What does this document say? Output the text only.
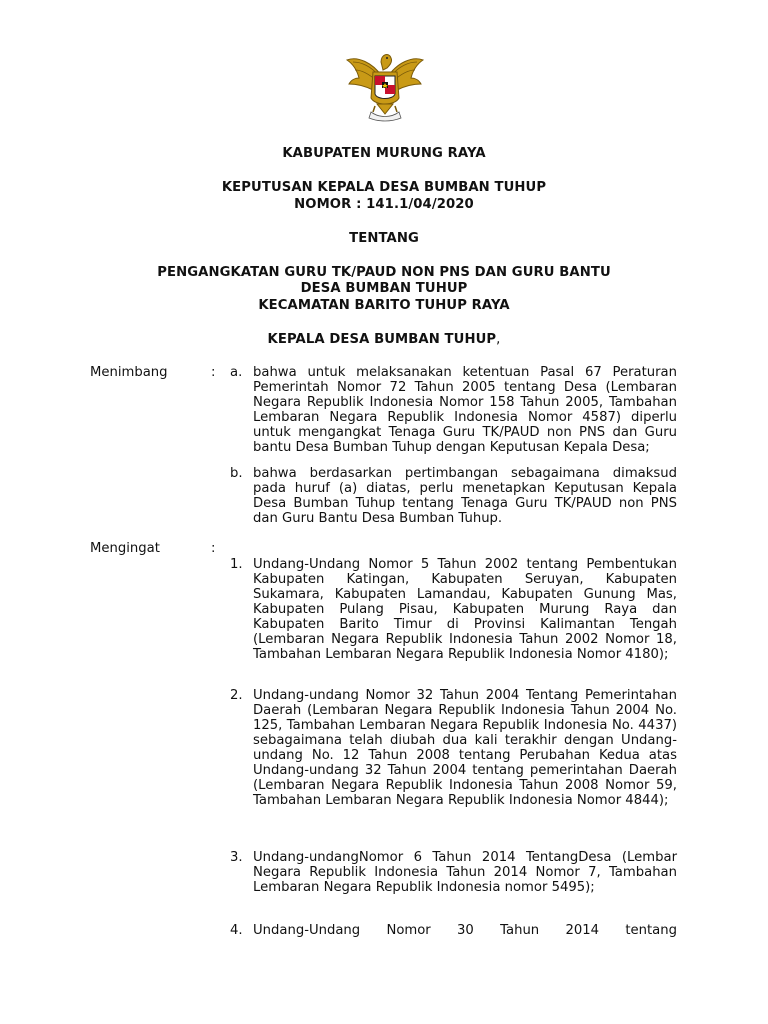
KABUPATEN MURUNG RAYA
KEPUTUSAN KEPALA DESA BUMBAN TUHUP
NOMOR : 141.1/04/2020
TENTANG
PENGANGKATAN GURU TK/PAUD NON PNS DAN GURU BANTU
DESA BUMBAN TUHUP
KECAMATAN BARITO TUHUP RAYA
KEPALA DESA BUMBAN TUHUP,
Menimbang	: a. bahwa untuk melaksanakan ketentuan Pasal 67 Peraturan Pemerintah Nomor 72 Tahun 2005 tentang Desa (Lembaran Negara Republik Indonesia Nomor 158 Tahun 2005, Tambahan Lembaran Negara Republik Indonesia Nomor 4587) diperlu untuk mengangkat Tenaga Guru TK/PAUD non PNS dan Guru bantu Desa Bumban Tuhup dengan Keputusan Kepala Desa;
b. bahwa berdasarkan pertimbangan sebagaimana dimaksud pada huruf (a) diatas, perlu menetapkan Keputusan Kepala Desa Bumban Tuhup tentang Tenaga Guru TK/PAUD non PNS dan Guru Bantu Desa Bumban Tuhup.
Mengingat	:
1. Undang-Undang Nomor 5 Tahun 2002 tentang Pembentukan Kabupaten Katingan, Kabupaten Seruyan, Kabupaten Sukamara, Kabupaten Lamandau, Kabupaten Gunung Mas, Kabupaten Pulang Pisau, Kabupaten Murung Raya dan Kabupaten Barito Timur di Provinsi Kalimantan Tengah (Lembaran Negara Republik Indonesia Tahun 2002 Nomor 18, Tambahan Lembaran Negara Republik Indonesia Nomor 4180);
2. Undang-undang Nomor 32 Tahun 2004 Tentang Pemerintahan Daerah (Lembaran Negara Republik Indonesia Tahun 2004 No. 125, Tambahan Lembaran Negara Republik Indonesia No. 4437) sebagaimana telah diubah dua kali terakhir dengan Undang-undang No. 12 Tahun 2008 tentang Perubahan Kedua atas Undang-undang 32 Tahun 2004 tentang pemerintahan Daerah (Lembaran Negara Republik Indonesia Tahun 2008 Nomor 59, Tambahan Lembaran Negara Republik Indonesia Nomor 4844);
3. Undang-undangNomor 6 Tahun 2014 TentangDesa (Lembar Negara Republik Indonesia Tahun 2014 Nomor 7, Tambahan Lembaran Negara Republik Indonesia nomor 5495);
4. Undang-Undang Nomor 30 Tahun 2014 tentang
